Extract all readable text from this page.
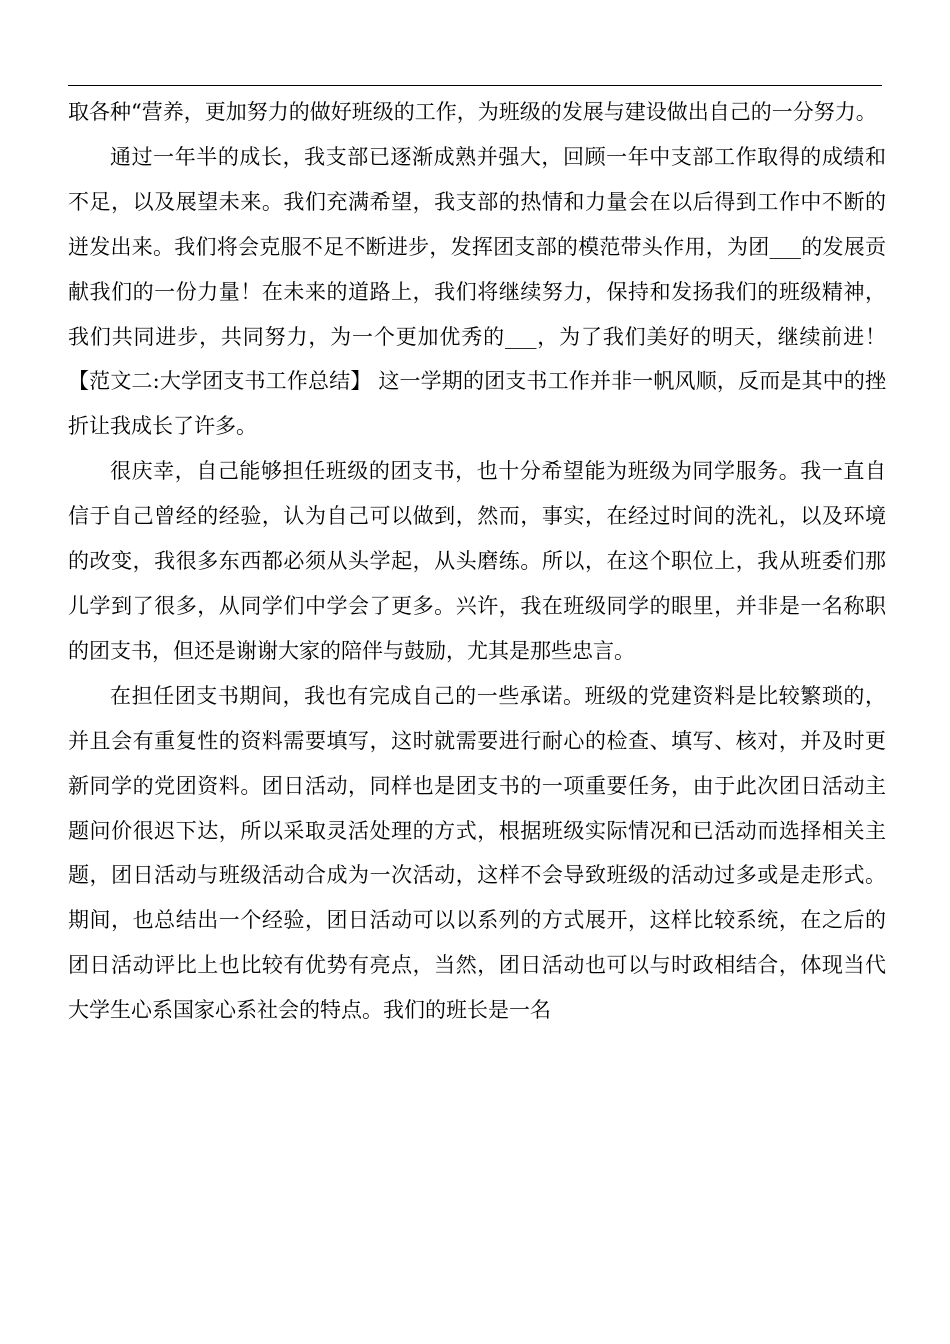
取各种“营养，更加努力的做好班级的工作，为班级的发展与建设做出自己的一分努力。

通过一年半的成长，我支部已逐渐成熟并强大，回顾一年中支部工作取得的成绩和不足，以及展望未来。我们充满希望，我支部的热情和力量会在以后得到工作中不断的迸发出来。我们将会克服不足不断进步，发挥团支部的模范带头作用，为团___的发展贡献我们的一份力量！在未来的道路上，我们将继续努力，保持和发扬我们的班级精神，我们共同进步，共同努力，为一个更加优秀的___，为了我们美好的明天，继续前进！【范文二:大学团支书工作总结】 这一学期的团支书工作并非一帆风顺，反而是其中的挫折让我成长了许多。

很庆幸，自己能够担任班级的团支书，也十分希望能为班级为同学服务。我一直自信于自己曾经的经验，认为自己可以做到，然而，事实，在经过时间的洗礼，以及环境的改变，我很多东西都必须从头学起，从头磨练。所以，在这个职位上，我从班委们那儿学到了很多，从同学们中学会了更多。兴许，我在班级同学的眼里，并非是一名称职的团支书，但还是谢谢大家的陪伴与鼓励，尤其是那些忠言。

在担任团支书期间，我也有完成自己的一些承诺。班级的党建资料是比较繁琐的，并且会有重复性的资料需要填写，这时就需要进行耐心的检查、填写、核对，并及时更新同学的党团资料。团日活动，同样也是团支书的一项重要任务，由于此次团日活动主题问价很迟下达，所以采取灵活处理的方式，根据班级实际情况和已活动而选择相关主题，团日活动与班级活动合成为一次活动，这样不会导致班级的活动过多或是走形式。期间，也总结出一个经验，团日活动可以以系列的方式展开，这样比较系统，在之后的团日活动评比上也比较有优势有亮点，当然，团日活动也可以与时政相结合，体现当代大学生心系国家心系社会的特点。我们的班长是一名
